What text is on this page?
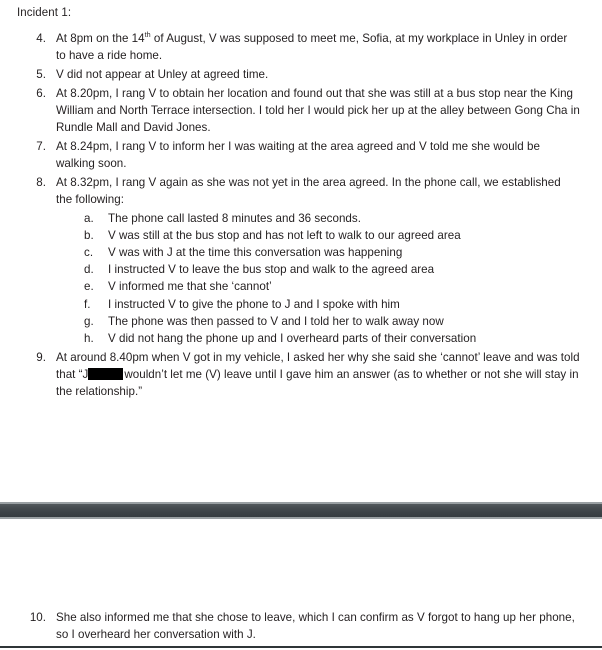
Incident 1:
4. At 8pm on the 14th of August, V was supposed to meet me, Sofia, at my workplace in Unley in order to have a ride home.
5. V did not appear at Unley at agreed time.
6. At 8.20pm, I rang V to obtain her location and found out that she was still at a bus stop near the King William and North Terrace intersection. I told her I would pick her up at the alley between Gong Cha in Rundle Mall and David Jones.
7. At 8.24pm, I rang V to inform her I was waiting at the area agreed and V told me she would be walking soon.
8. At 8.32pm, I rang V again as she was not yet in the area agreed. In the phone call, we established the following:
a. The phone call lasted 8 minutes and 36 seconds.
b. V was still at the bus stop and has not left to walk to our agreed area
c. V was with J at the time this conversation was happening
d. I instructed V to leave the bus stop and walk to the agreed area
e. V informed me that she ‘cannot’
f.	I instructed V to give the phone to J and I spoke with him
g. The phone was then passed to V and I told her to walk away now
h. V did not hang the phone up and I overheard parts of their conversation
9. At around 8.40pm when V got in my vehicle, I asked her why she said she ‘cannot’ leave and was told that “J	wouldn’t let me (V) leave until I gave him an answer (as to whether or not she will stay in the relationship.”
10. She also informed me that she chose to leave, which I can confirm as V forgot to hang up her phone, so I overheard her conversation with J.
